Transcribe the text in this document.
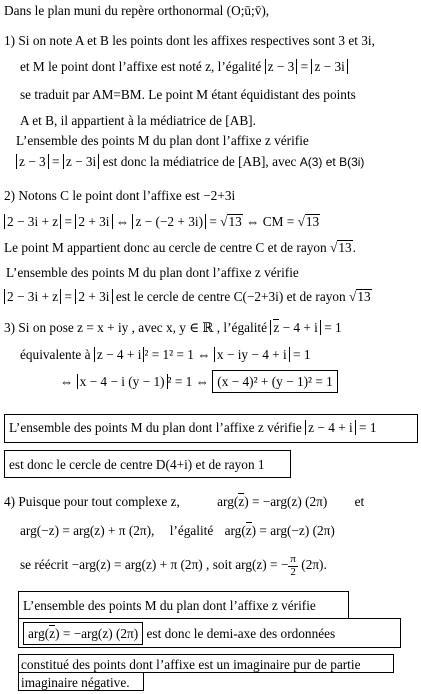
Dans le plan muni du repère orthonormal (O;ū;v̄),
1) Si on note A et B les points dont les affixes respectives sont 3 et 3i,
et M le point dont l’affixe est noté z, l’égalité z − 3 = z − 3i
se traduit par AM=BM. Le point M étant équidistant des points
A et B, il appartient à la médiatrice de [AB].
L’ensemble des points M du plan dont l’affixe z vérifie
z − 3 = z − 3i est donc la médiatrice de [AB], avec A(3) et B(3i)
2) Notons C le point dont l’affixe est −2+3i
2 − 3i + z = 2 + 3i ⇔ z − (−2 + 3i) = √13 ⇔ CM = √13
Le point M appartient donc au cercle de centre C et de rayon √13.
L’ensemble des points M du plan dont l’affixe z vérifie
2 − 3i + z = 2 + 3i est le cercle de centre C(−2+3i) et de rayon √13
3) Si on pose z = x + iy , avec x, y ∈ ℝ , l’égalité z − 4 + i = 1
équivalente à z − 4 + i ² = 1² = 1 ⇔ x − iy − 4 + i = 1
⇔ x − 4 − i (y − 1) ² = 1 ⇔ (x − 4)² + (y − 1)² = 1
L’ensemble des points M du plan dont l’affixe z vérifie z − 4 + i = 1
est donc le cercle de centre D(4+i) et de rayon 1
4) Puisque pour tout complexe z,	arg(z) = −arg(z) (2π) et
arg(−z) = arg(z) + π (2π), l’égalité arg(z) = arg(−z) (2π)
se réécrit −arg(z) = arg(z) + π (2π) , soit arg(z) = − $\frac{\pi}{2} (2\pi)$.
L’ensemble des points M du plan dont l’affixe z vérifie
arg(z) = −arg(z) (2π) est donc le demi-axe des ordonnées
constitué des points dont l’affixe est un imaginaire pur de partie
imaginaire négative.
